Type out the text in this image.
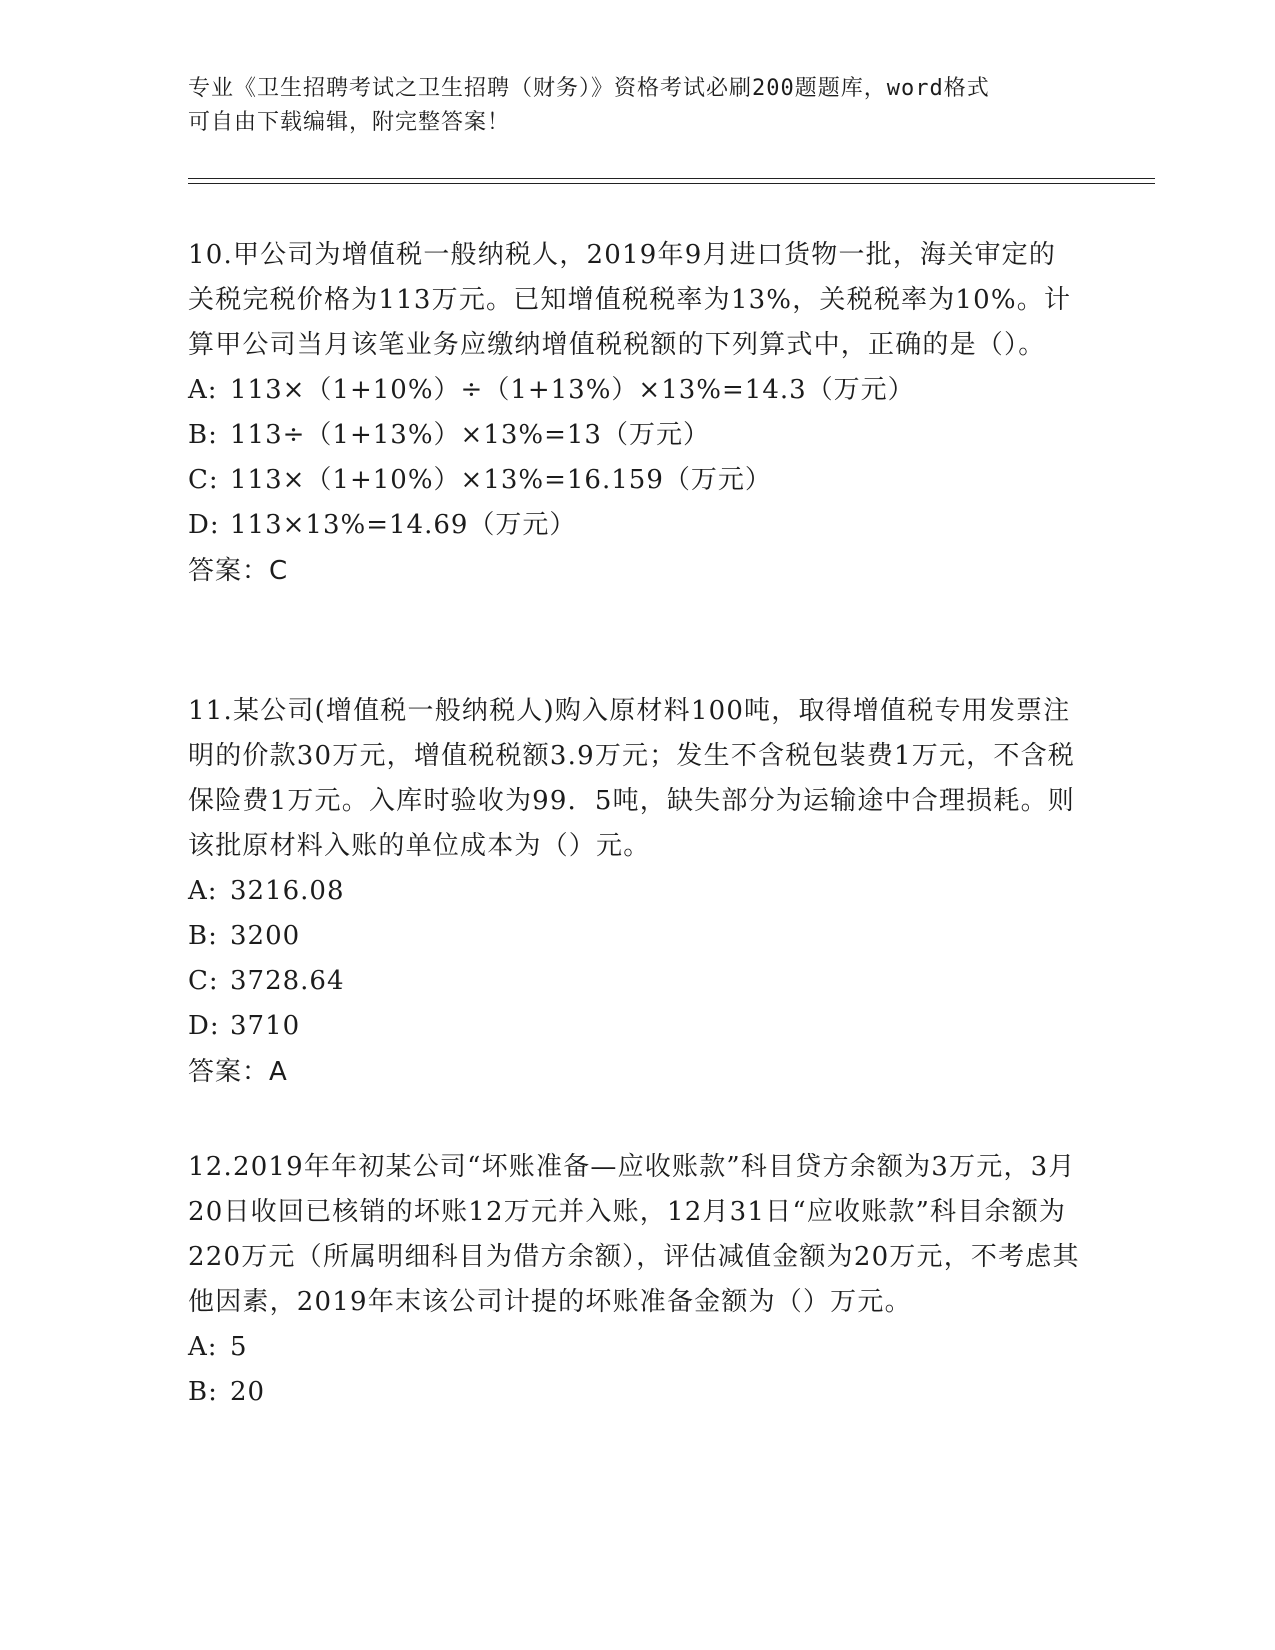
专业《卫生招聘考试之卫生招聘（财务）》资格考试必刷200题题库，word格式
可自由下载编辑，附完整答案！

10.甲公司为增值税一般纳税人，2019年9月进口货物一批，海关审定的关税完税价格为113万元。已知增值税税率为13%，关税税率为10%。计算甲公司当月该笔业务应缴纳增值税税额的下列算式中，正确的是（）。

A: 113×（1+10%）÷（1+13%）×13%=14.3（万元）

B: 113÷（1+13%）×13%=13（万元）

C: 113×（1+10%）×13%=16.159（万元）

D: 113×13%=14.69（万元）

答案：C

11.某公司(增值税一般纳税人)购入原材料100吨，取得增值税专用发票注明的价款30万元，增值税税额3.9万元；发生不含税包装费1万元，不含税保险费1万元。入库时验收为99．5吨，缺失部分为运输途中合理损耗。则该批原材料入账的单位成本为（）元。

A: 3216.08

B: 3200

C: 3728.64

D: 3710

答案：A

12.2019年年初某公司“坏账准备—应收账款”科目贷方余额为3万元，3月20日收回已核销的坏账12万元并入账，12月31日“应收账款”科目余额为220万元（所属明细科目为借方余额），评估减值金额为20万元，不考虑其他因素，2019年末该公司计提的坏账准备金额为（）万元。

A: 5

B: 20
